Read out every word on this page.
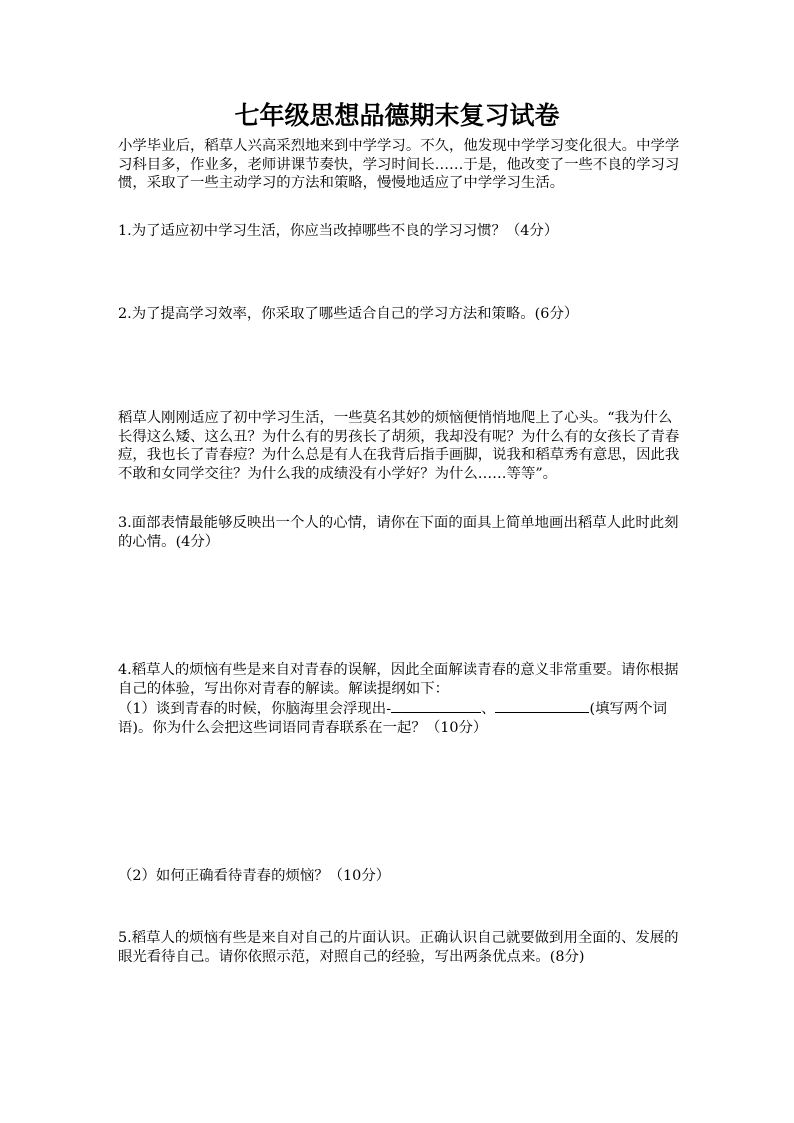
七年级思想品德期末复习试卷
小学毕业后，稻草人兴高采烈地来到中学学习。不久，他发现中学学习变化很大。中学学习科目多，作业多，老师讲课节奏快，学习时间长……于是，他改变了一些不良的学习习惯，采取了一些主动学习的方法和策略，慢慢地适应了中学学习生活。
1.为了适应初中学习生活，你应当改掉哪些不良的学习习惯？（4分）
2.为了提高学习效率，你采取了哪些适合自己的学习方法和策略。(6分）
稻草人刚刚适应了初中学习生活，一些莫名其妙的烦恼便悄悄地爬上了心头。“我为什么长得这么矮、这么丑？为什么有的男孩长了胡须，我却没有呢？为什么有的女孩长了青春痘，我也长了青春痘？为什么总是有人在我背后指手画脚，说我和稻草秀有意思，因此我不敢和女同学交往？为什么我的成绩没有小学好？为什么……等等”。
3.面部表情最能够反映出一个人的心情，请你在下面的面具上简单地画出稻草人此时此刻的心情。(4分）
4.稻草人的烦恼有些是来自对青春的误解，因此全面解读青春的意义非常重要。请你根据自己的体验，写出你对青春的解读。解读提纲如下：
（1）谈到青春的时候，你脑海里会浮现出-	、	(填写两个词语)。你为什么会把这些词语同青春联系在一起？（10分）
（2）如何正确看待青春的烦恼？（10分）
5.稻草人的烦恼有些是来自对自己的片面认识。正确认识自己就要做到用全面的、发展的眼光看待自己。请你依照示范，对照自己的经验，写出两条优点来。(8分)
